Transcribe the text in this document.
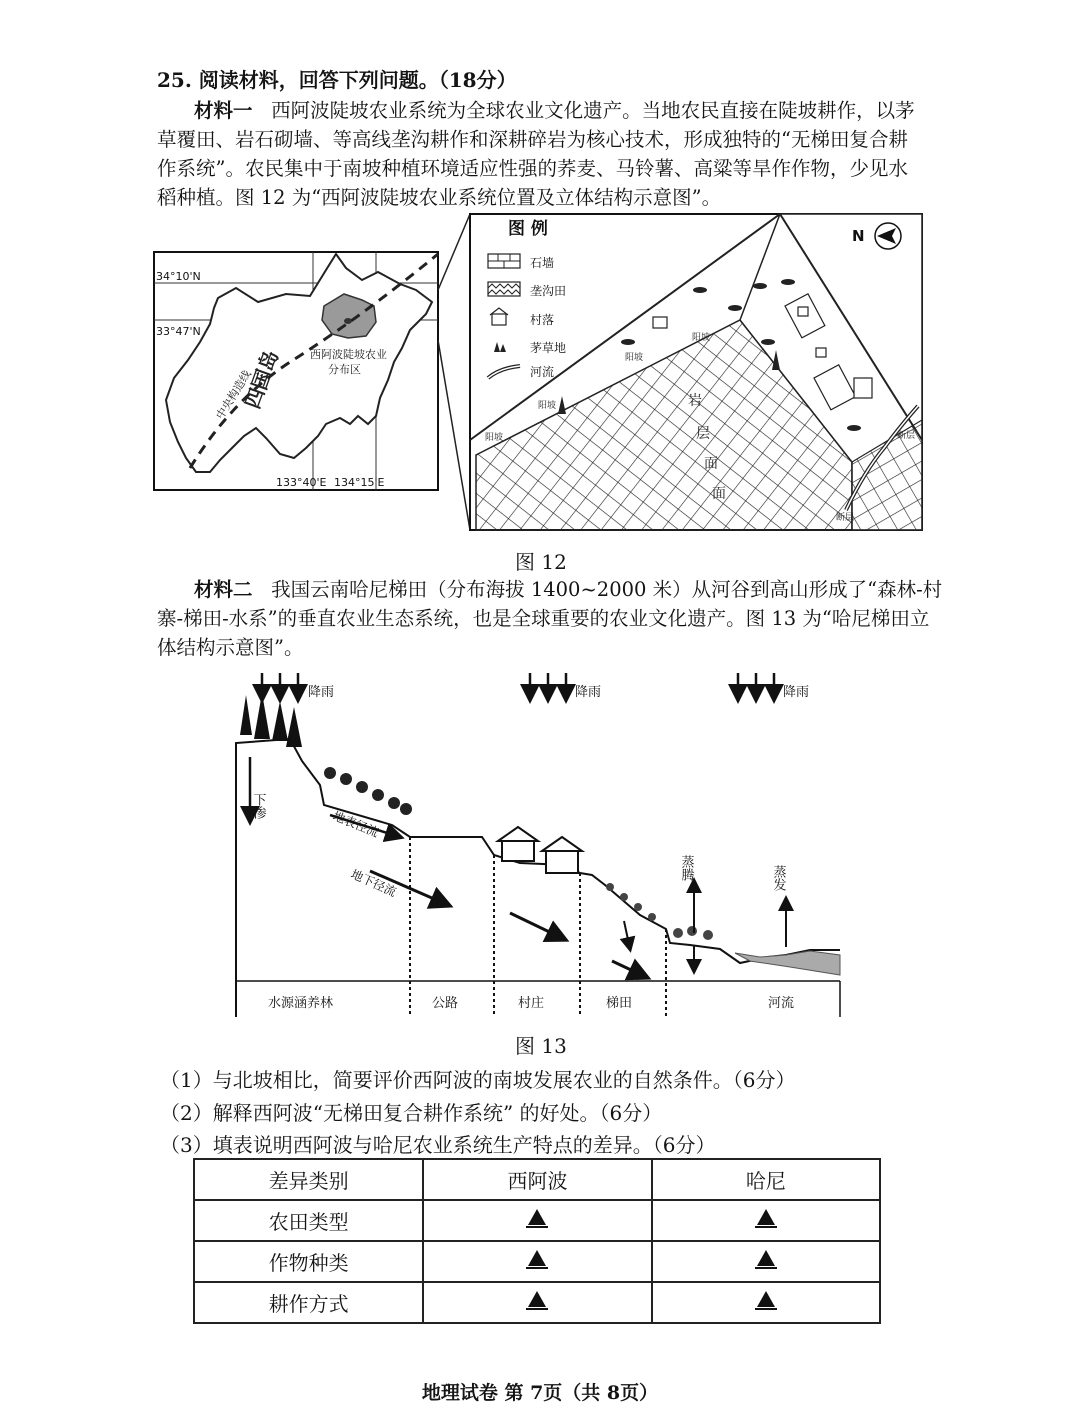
25. 阅读材料，回答下列问题。（18分）
材料一 西阿波陡坡农业系统为全球农业文化遗产。当地农民直接在陡坡耕作，以茅
草覆田、岩石砌墙、等高线垄沟耕作和深耕碎岩为核心技术，形成独特的“无梯田复合耕
作系统”。农民集中于南坡种植环境适应性强的荞麦、马铃薯、高粱等旱作作物，少见水
稻种植。图 12 为“西阿波陡坡农业系统位置及立体结构示意图”。
中央构造线
四国岛 西阿波陡坡农业
分布区
34°10'N
33°47'N
133°40'E 134°15'E
岩
层
面
面
阳坡
阳坡
阳坡
阳坡
断层
断层
图 例
石墙
垄沟田
村落
茅草地
河流
N
图 12
材料二 我国云南哈尼梯田（分布海拔 1400~2000 米）从河谷到高山形成了“森林-村
寨-梯田-水系”的垂直农业生态系统，也是全球重要的农业文化遗产。图 13 为“哈尼梯田立
体结构示意图”。
降雨	降雨	降雨
下渗
地表径流
地下径流	蒸腾	蒸发
水源涵养林	公路	村庄	梯田	河流
图 13
（1）与北坡相比，简要评价西阿波的南坡发展农业的自然条件。（6分）
（2）解释西阿波“无梯田复合耕作系统” 的好处。（6分）
（3）填表说明西阿波与哈尼农业系统生产特点的差异。（6分）
差异类别	西阿波	哈尼
农田类型		
作物种类		
耕作方式		
地理试卷 第 7页（共 8页）
